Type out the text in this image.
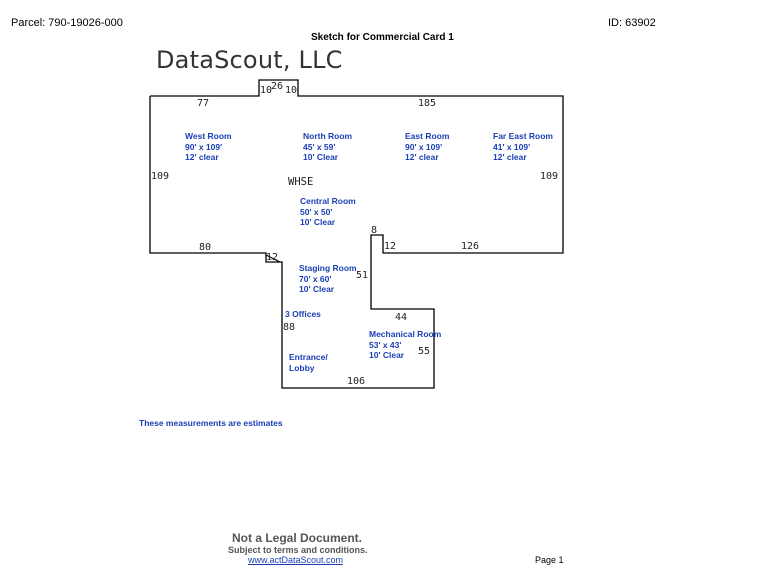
Parcel: 790-19026-000	ID: 63902
Sketch for Commercial Card 1
DataScout, LLC
77
10
26 10
185
109	109
80
12
8
12	126
51
44
55
88
106
WHSE
West Room
90' x 109'
12' clear
North Room
45' x 59'
10' Clear
East Room
90' x 109'
12' clear
Far East Room
41' x 109'
12' clear
Central Room
50' x 50'
10' Clear
Staging Room
70' x 60'
10' Clear
3 Offices
Entrance/
Lobby
Mechanical Room
53' x 43'
10' Clear
These measurements are estimates
Not a Legal Document.
Subject to terms and conditions.
www.actDataScout.com	Page 1
